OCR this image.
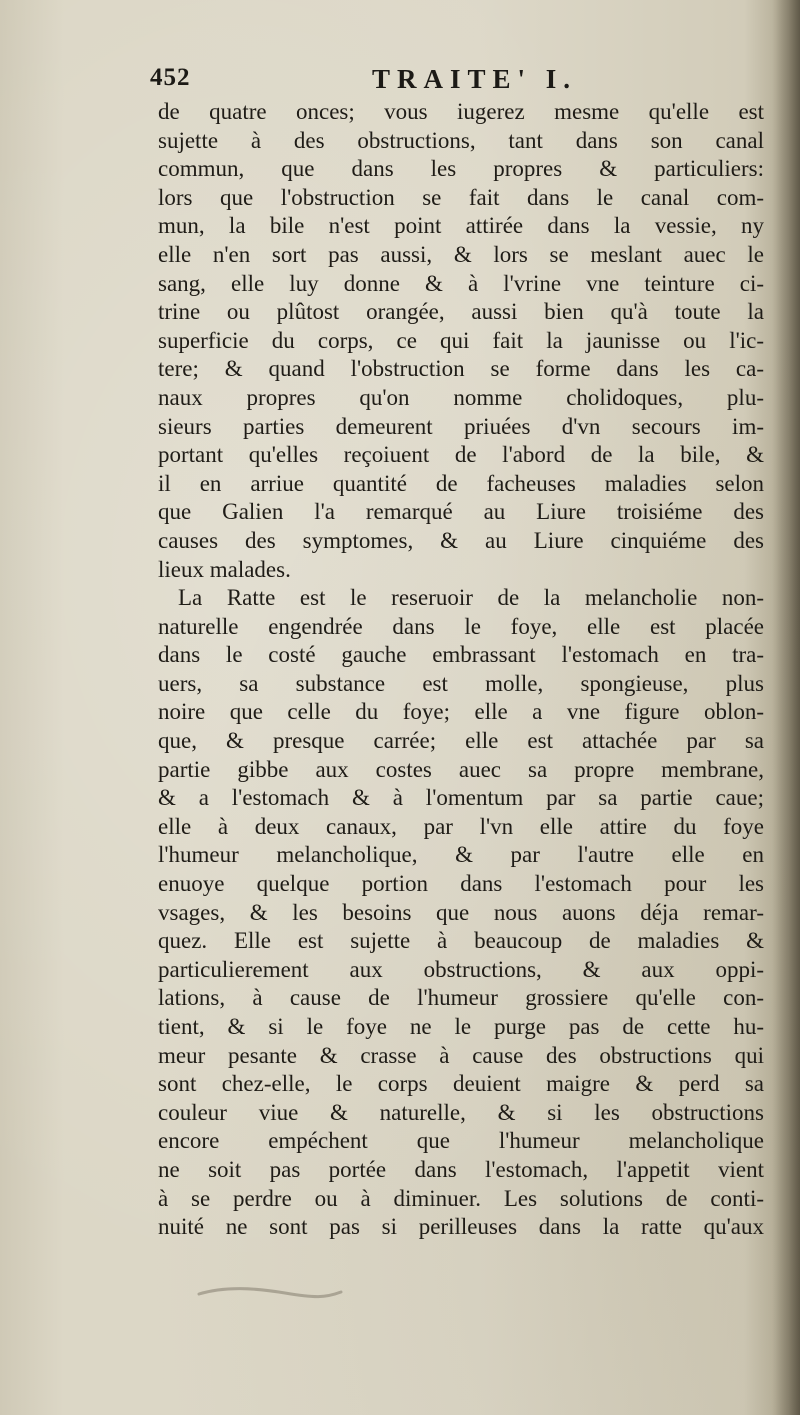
452	TRAITE' I.
de quatre onces; vous iugerez mesme qu'elle est
sujette à des obstructions, tant dans son canal
commun, que dans les propres & particuliers:
lors que l'obstruction se fait dans le canal com-
mun, la bile n'est point attirée dans la vessie, ny
elle n'en sort pas aussi, & lors se meslant auec le
sang, elle luy donne & à l'vrine vne teinture ci-
trine ou plûtost orangée, aussi bien qu'à toute la
superficie du corps, ce qui fait la jaunisse ou l'ic-
tere; & quand l'obstruction se forme dans les ca-
naux propres qu'on nomme cholidoques, plu-
sieurs parties demeurent priuées d'vn secours im-
portant qu'elles reçoiuent de l'abord de la bile, &
il en arriue quantité de facheuses maladies selon
que Galien l'a remarqué au Liure troisiéme des
causes des symptomes, & au Liure cinquiéme des
lieux malades.
La Ratte est le reseruoir de la melancholie non-
naturelle engendrée dans le foye, elle est placée
dans le costé gauche embrassant l'estomach en tra-
uers, sa substance est molle, spongieuse, plus
noire que celle du foye; elle a vne figure oblon-
que, & presque carrée; elle est attachée par sa
partie gibbe aux costes auec sa propre membrane,
& a l'estomach & à l'omentum par sa partie caue;
elle à deux canaux, par l'vn elle attire du foye
l'humeur melancholique, & par l'autre elle en
enuoye quelque portion dans l'estomach pour les
vsages, & les besoins que nous auons déja remar-
quez. Elle est sujette à beaucoup de maladies &
particulierement aux obstructions, & aux oppi-
lations, à cause de l'humeur grossiere qu'elle con-
tient, & si le foye ne le purge pas de cette hu-
meur pesante & crasse à cause des obstructions qui
sont chez-elle, le corps deuient maigre & perd sa
couleur viue & naturelle, & si les obstructions
encore empéchent que l'humeur melancholique
ne soit pas portée dans l'estomach, l'appetit vient
à se perdre ou à diminuer. Les solutions de conti-
nuité ne sont pas si perilleuses dans la ratte qu'aux
